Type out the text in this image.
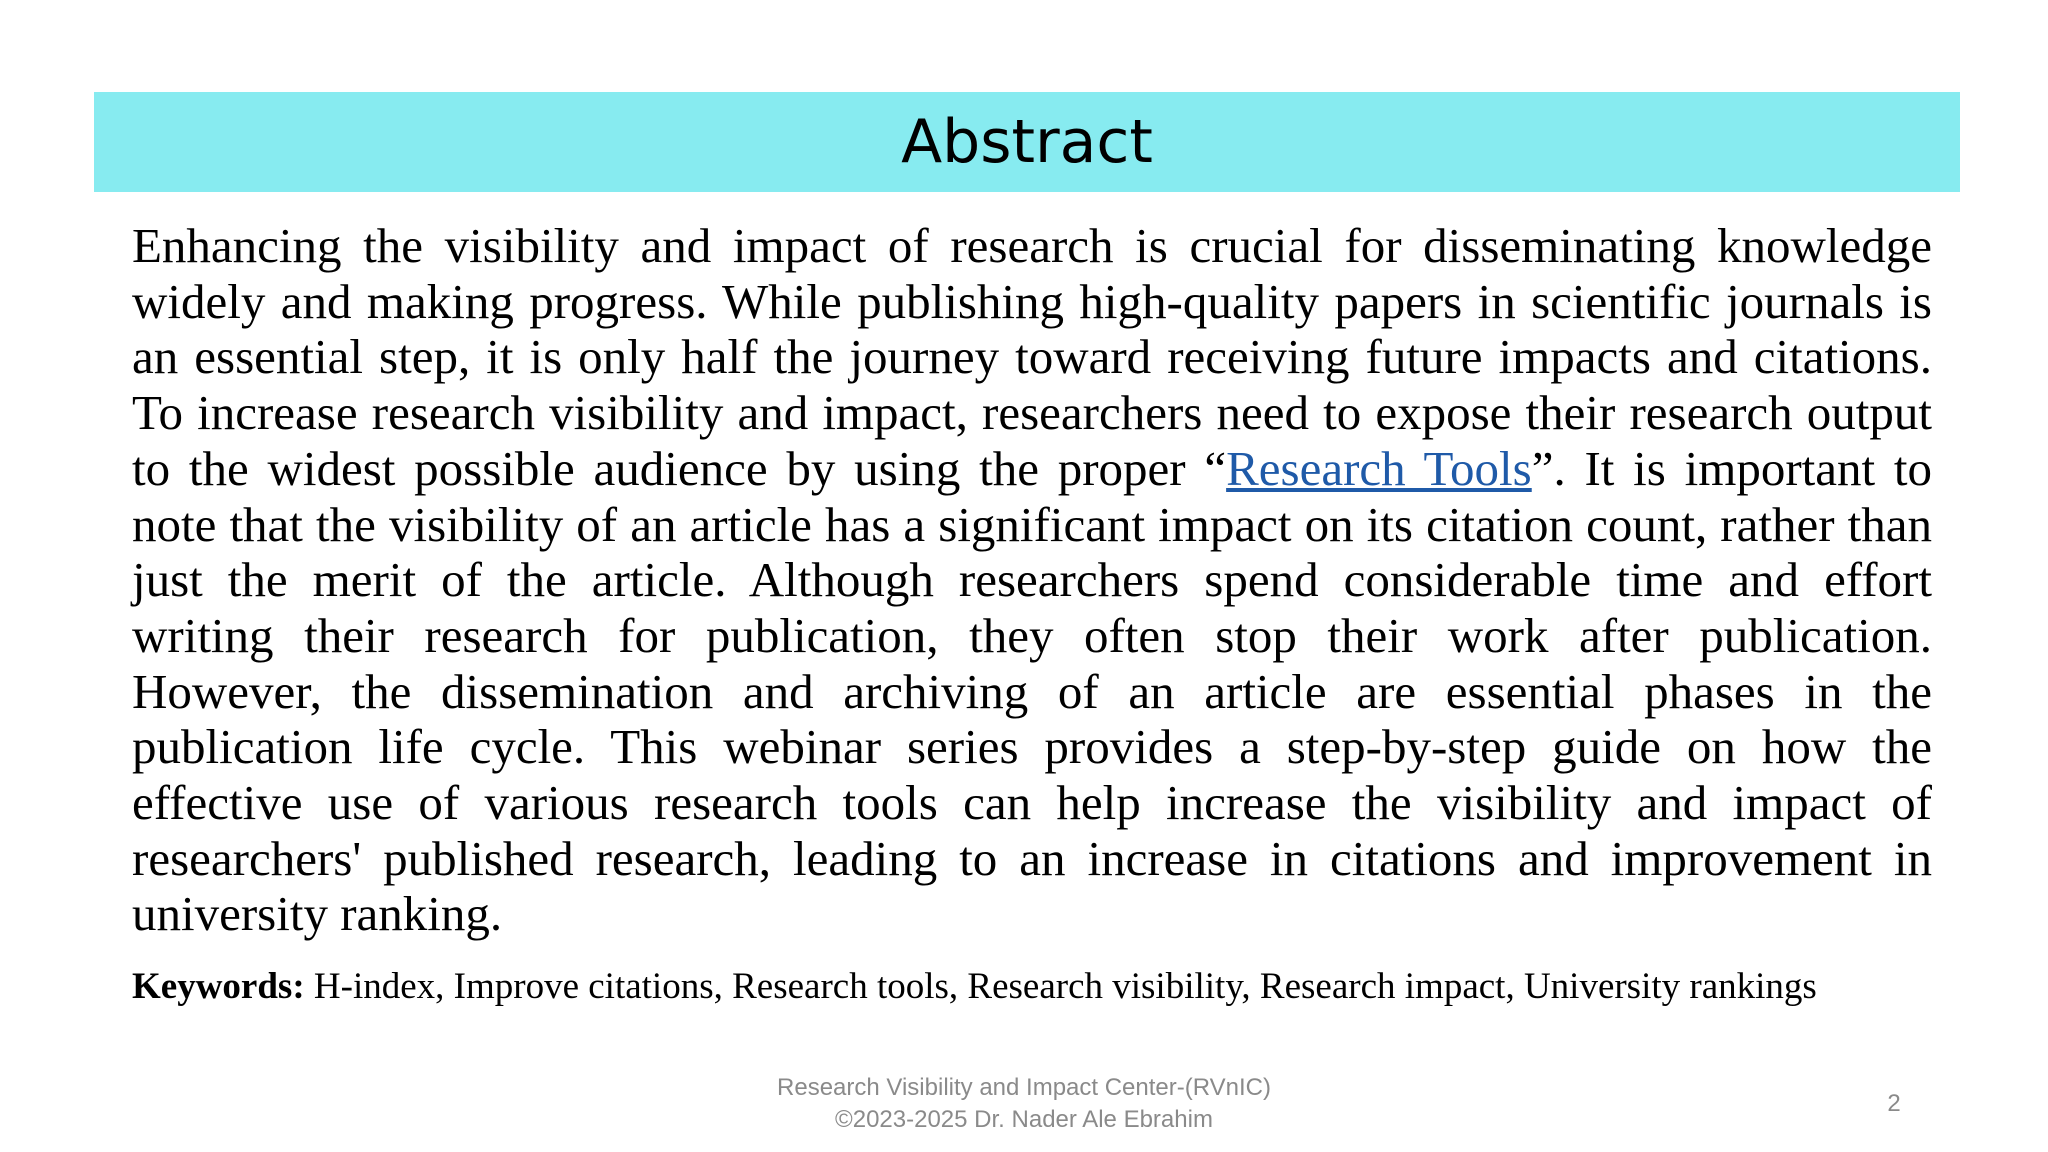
Abstract

Enhancing the visibility and impact of research is crucial for disseminating knowledge widely and making progress. While publishing high-quality papers in scientific journals is an essential step, it is only half the journey toward receiving future impacts and citations. To increase research visibility and impact, researchers need to expose their research output to the widest possible audience by using the proper “Research Tools”. It is important to note that the visibility of an article has a significant impact on its citation count, rather than just the merit of the article. Although researchers spend considerable time and effort writing their research for publication, they often stop their work after publication. However, the dissemination and archiving of an article are essential phases in the publication life cycle. This webinar series provides a step-by-step guide on how the effective use of various research tools can help increase the visibility and impact of researchers' published research, leading to an increase in citations and improvement in university ranking.

Keywords: H-index, Improve citations, Research tools, Research visibility, Research impact, University rankings

Research Visibility and Impact Center-(RVnIC)
©2023-2025 Dr. Nader Ale Ebrahim
2
